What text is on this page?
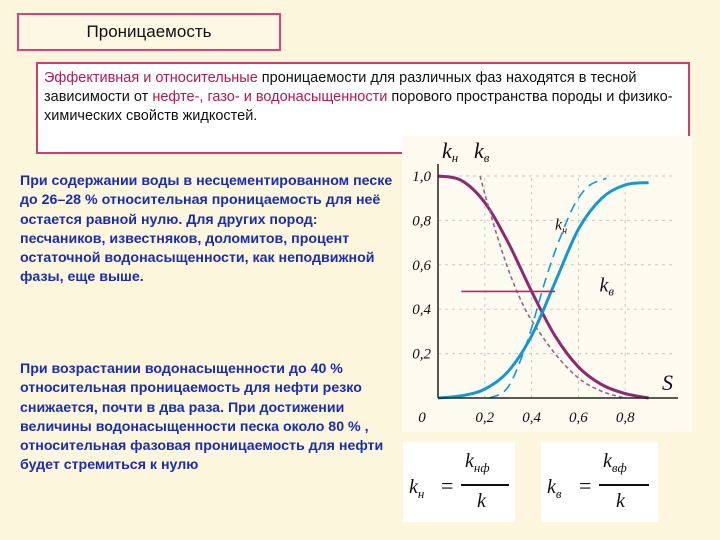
Проницаемость
Эффективная и относительные проницаемости для различных фаз находятся в тесной зависимости от нефте-, газо- и водонасыщенности порового пространства породы и физико-химических свойств жидкостей.
При содержании воды в несцементированном песке до 26–28 % относительная проницаемость для неё остается равной нулю. Для других пород: песчаников, известняков, доломитов, процент остаточной водонасыщенности, как неподвижной фазы, еще выше.
При возрастании водонасыщенности до 40 % относительная проницаемость для нефти резко снижается, почти в два раза. При достижении величины водонасыщенности песка около 80 % , относительная фазовая проницаемость для нефти будет стремиться к нулю
0,2
0,4
0,6
0,8
1,0
0	0,2 0,4 0,6 0,8
kн kв
S
$k_н$
$k_в$
$k_н$ =
$k_{нф}$
k
$k_в$ =
$k_{вф}$
k
